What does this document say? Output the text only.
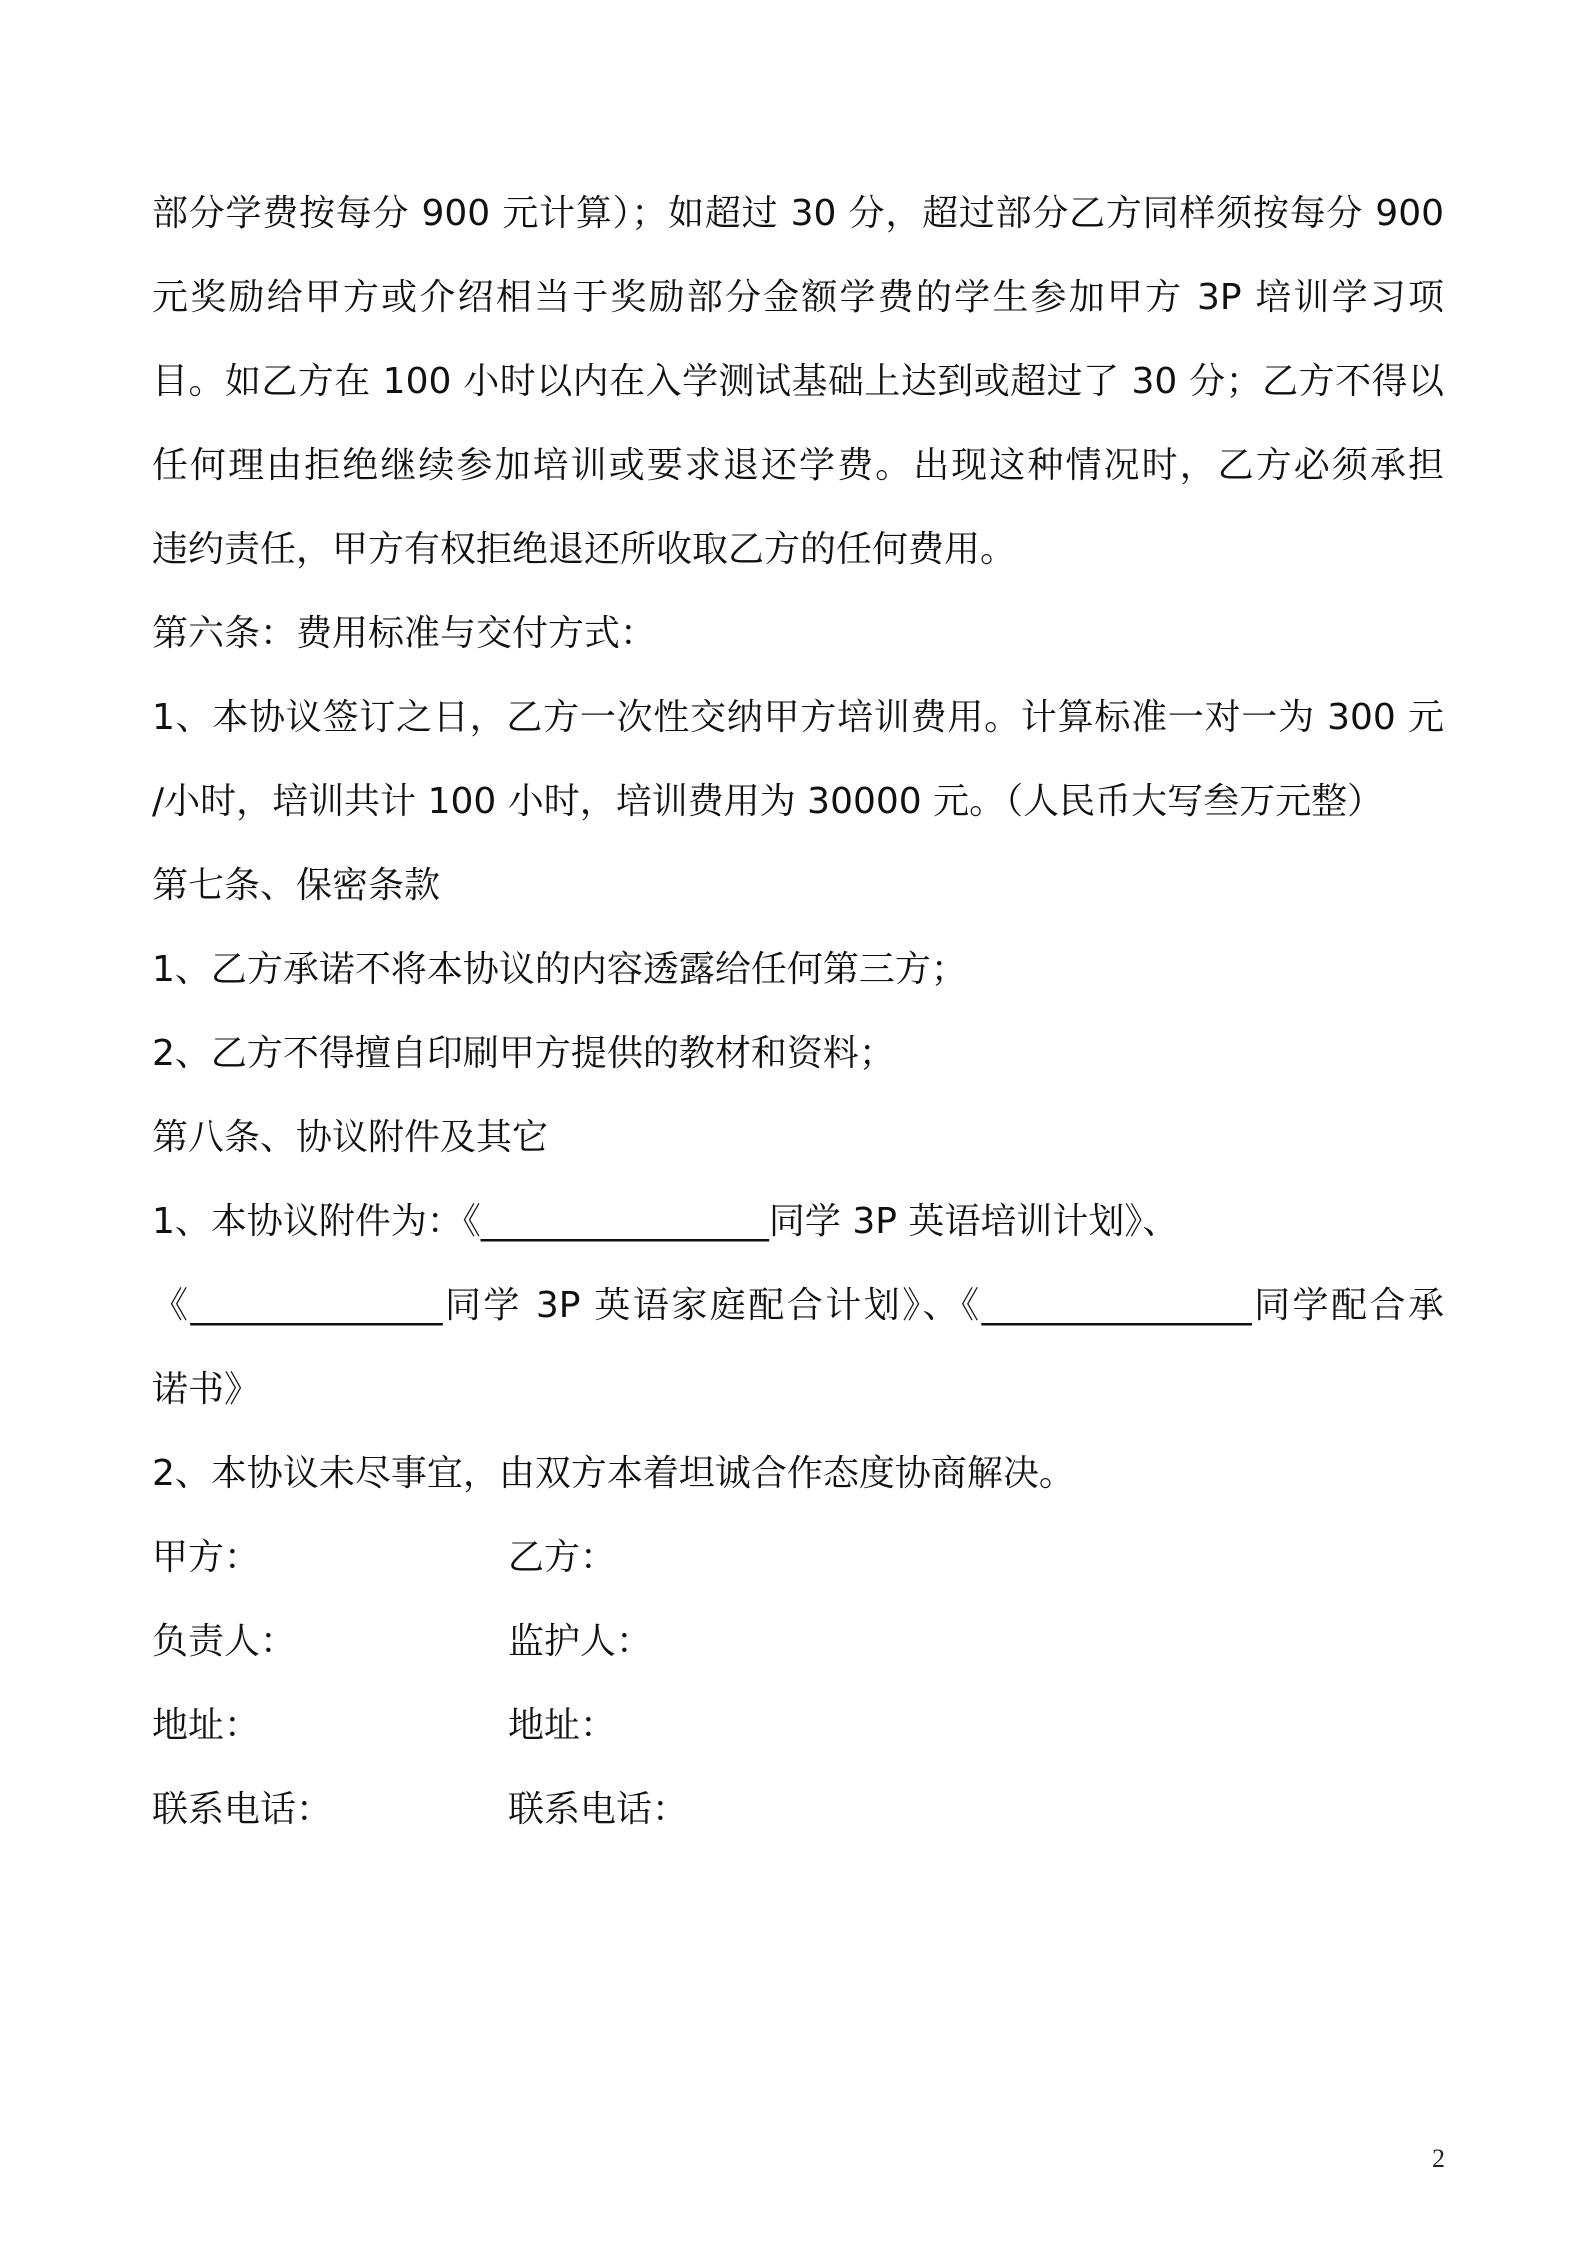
部分学费按每分 900 元计算）；如超过 30 分，超过部分乙方同样须按每分 900
元奖励给甲方或介绍相当于奖励部分金额学费的学生参加甲方 3P 培训学习项
目。如乙方在 100 小时以内在入学测试基础上达到或超过了 30 分；乙方不得以
任何理由拒绝继续参加培训或要求退还学费。出现这种情况时，乙方必须承担
违约责任，甲方有权拒绝退还所收取乙方的任何费用。
第六条：费用标准与交付方式：
1、本协议签订之日，乙方一次性交纳甲方培训费用。计算标准一对一为 300 元
/小时，培训共计 100 小时，培训费用为 30000 元。（人民币大写叁万元整）
第七条、保密条款
1、乙方承诺不将本协议的内容透露给任何第三方；
2、乙方不得擅自印刷甲方提供的教材和资料；
第八条、协议附件及其它
1、本协议附件为：《________________同学 3P 英语培训计划》、
《______________同学 3P 英语家庭配合计划》、《_______________同学配合承
诺书》
2、本协议未尽事宜，由双方本着坦诚合作态度协商解决。
甲方：	乙方：
负责人：	监护人：
地址：	地址：
联系电话：	联系电话：
2
